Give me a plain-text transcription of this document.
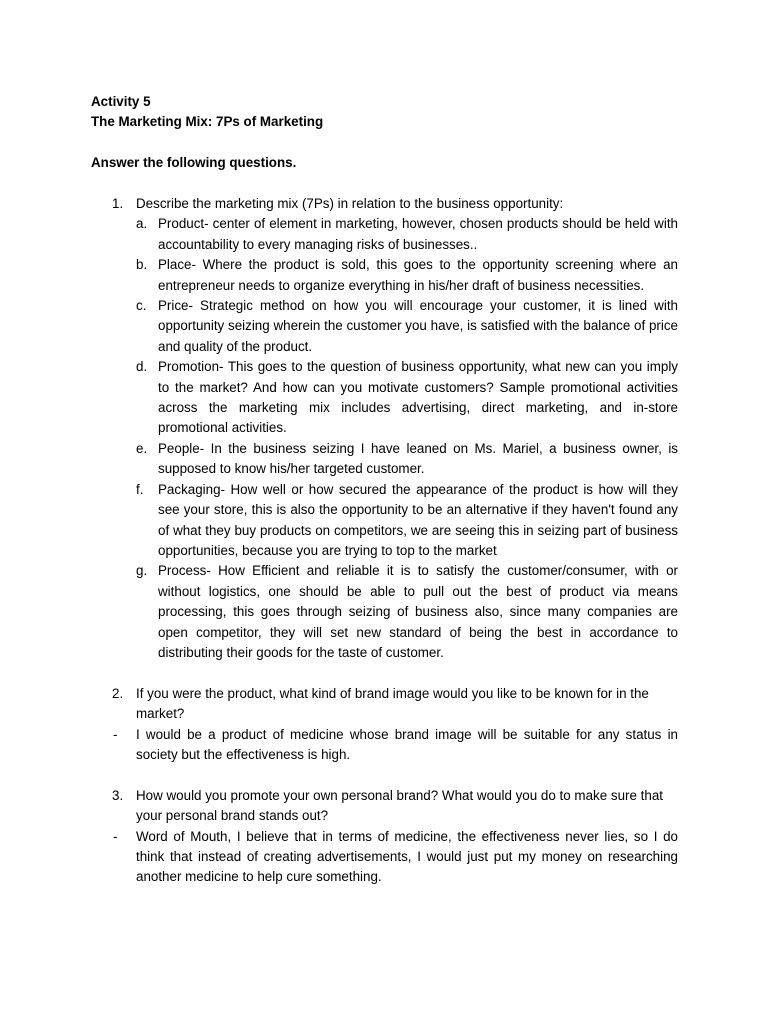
Activity 5

The Marketing Mix: 7Ps of Marketing

Answer the following questions.

1. Describe the marketing mix (7Ps) in relation to the business opportunity:

a. Product- center of element in marketing, however, chosen products should be held with accountability to every managing risks of businesses..
b. Place- Where the product is sold, this goes to the opportunity screening where an entrepreneur needs to organize everything in his/her draft of business necessities.
c. Price- Strategic method on how you will encourage your customer, it is lined with opportunity seizing wherein the customer you have, is satisfied with the balance of price and quality of the product.
d. Promotion- This goes to the question of business opportunity, what new can you imply to the market? And how can you motivate customers? Sample promotional activities across the marketing mix includes advertising, direct marketing, and in-store promotional activities.
e. People- In the business seizing I have leaned on Ms. Mariel, a business owner, is supposed to know his/her targeted customer.
f. Packaging- How well or how secured the appearance of the product is how will they see your store, this is also the opportunity to be an alternative if they haven't found any of what they buy products on competitors, we are seeing this in seizing part of business opportunities, because you are trying to top to the market
g. Process- How Efficient and reliable it is to satisfy the customer/consumer, with or without logistics, one should be able to pull out the best of product via means processing, this goes through seizing of business also, since many companies are open competitor, they will set new standard of being the best in accordance to distributing their goods for the taste of customer.

2. If you were the product, what kind of brand image would you like to be known for in the market?

- I would be a product of medicine whose brand image will be suitable for any status in society but the effectiveness is high.

3. How would you promote your own personal brand? What would you do to make sure that your personal brand stands out?

- Word of Mouth, I believe that in terms of medicine, the effectiveness never lies, so I do think that instead of creating advertisements, I would just put my money on researching another medicine to help cure something.
